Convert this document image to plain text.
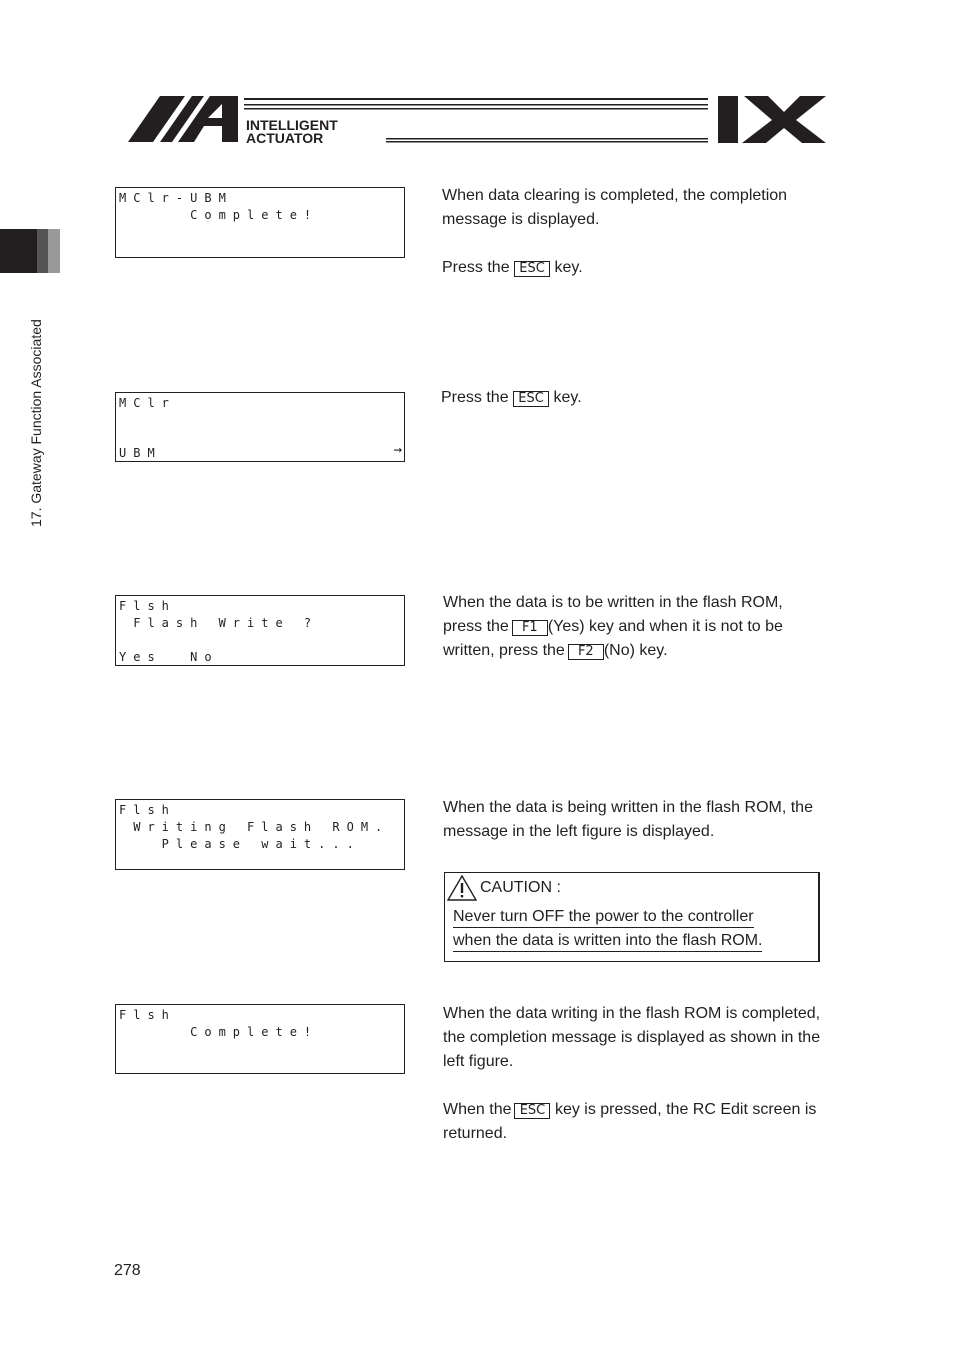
INTELLIGENT
ACTUATOR
17. Gateway Function Associated
MClr-UBM
Complete!

When data clearing is completed, the completion message is displayed.

Press the ESC key.

MClr
UBM	→

Press the ESC key.

Flsh
Flash Write ?
Yes  No

When the data is to be written in the flash ROM,

press the F1 (Yes) key and when it is not to be

written, press the F2 (No) key.

Flsh
Writing Flash ROM.
Please wait...

When the data is being written in the flash ROM, the message in the left figure is displayed.

CAUTION :
Never turn OFF the power to the controller
when the data is written into the flash ROM.
Flsh
Complete!

When the data writing in the flash ROM is completed, the completion message is displayed as shown in the left figure.

When the ESC key is pressed, the RC Edit screen is returned.

278
